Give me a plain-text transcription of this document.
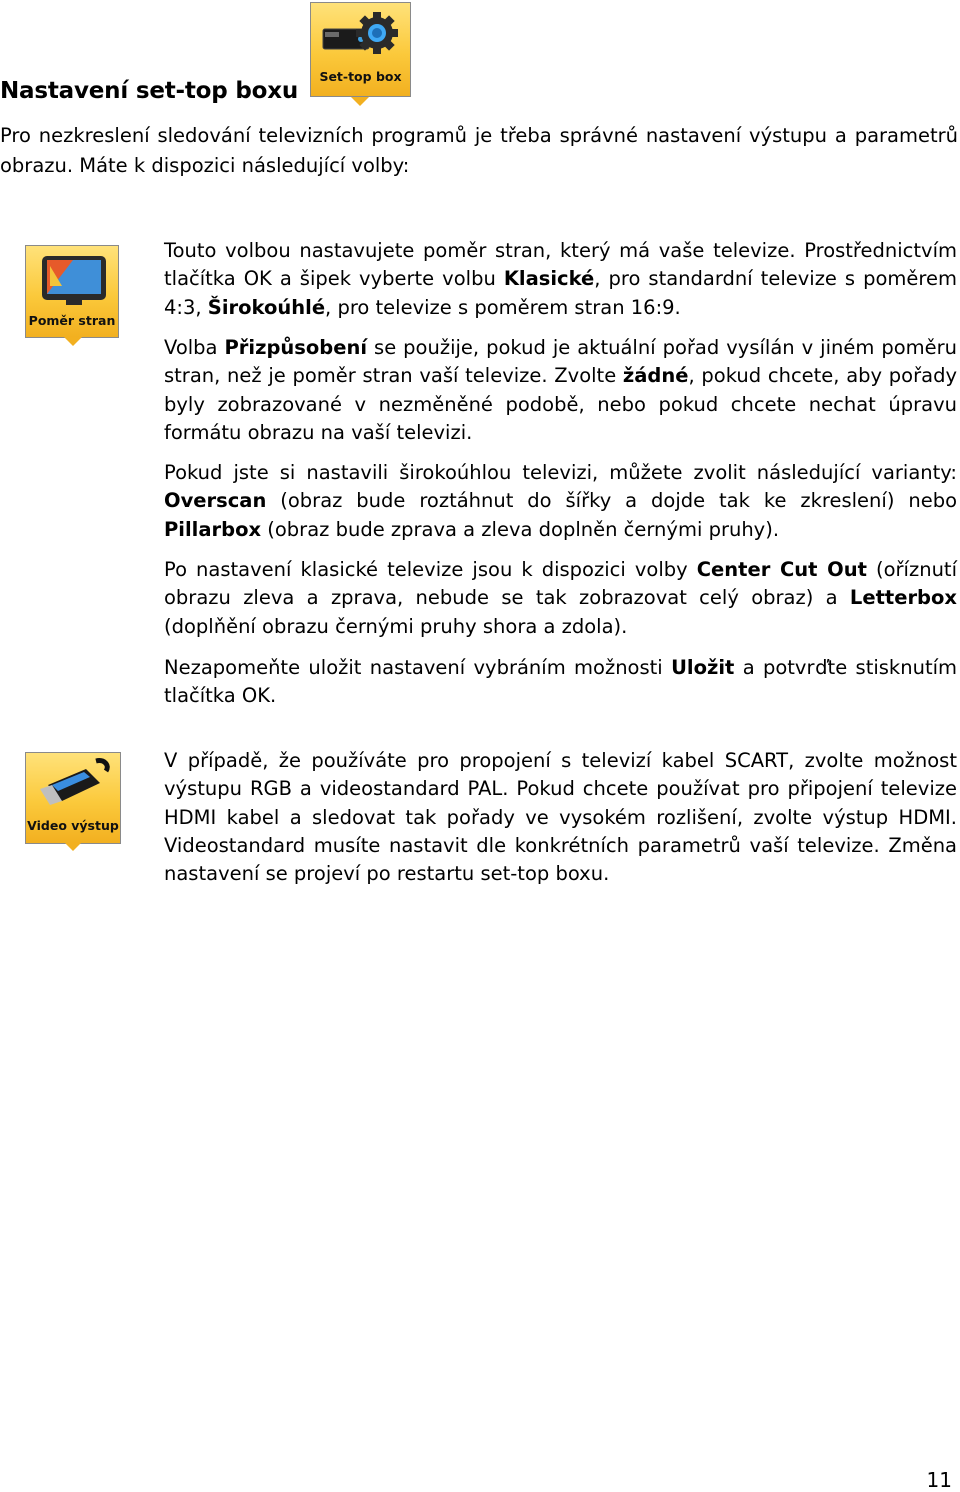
Nastavení set-top boxu
Set-top box
Pro nezkreslení sledování televizních programů je třeba správné nastavení výstupu a parametrů obrazu. Máte k dispozici následující volby:
Poměr stran
Touto volbou nastavujete poměr stran, který má vaše televize. Prostřednictvím tlačítka OK a šipek vyberte volbu Klasické, pro standardní televize s poměrem 4:3, Širokoúhlé, pro televize s poměrem stran 16:9.
Volba Přizpůsobení se použije, pokud je aktuální pořad vysílán v jiném poměru stran, než je poměr stran vaší televize. Zvolte žádné, pokud chcete, aby pořady byly zobrazované v nezměněné podobě, nebo pokud chcete nechat úpravu formátu obrazu na vaší televizi.
Pokud jste si nastavili širokoúhlou televizi, můžete zvolit následující varianty: Overscan (obraz bude roztáhnut do šířky a dojde tak ke zkreslení) nebo Pillarbox (obraz bude zprava a zleva doplněn černými pruhy).
Po nastavení klasické televize jsou k dispozici volby Center Cut Out (oříznutí obrazu zleva a zprava, nebude se tak zobrazovat celý obraz) a Letterbox (doplňění obrazu černými pruhy shora a zdola).
Nezapomeňte uložit nastavení vybráním možnosti Uložit a potvrďte stisknutím tlačítka OK.
Video výstup
V případě, že používáte pro propojení s televizí kabel SCART, zvolte možnost výstupu RGB a videostandard PAL. Pokud chcete používat pro připojení televize HDMI kabel a sledovat tak pořady ve vysokém rozlišení, zvolte výstup HDMI. Videostandard musíte nastavit dle konkrétních parametrů vaší televize. Změna nastavení se projeví po restartu set-top boxu.
11
